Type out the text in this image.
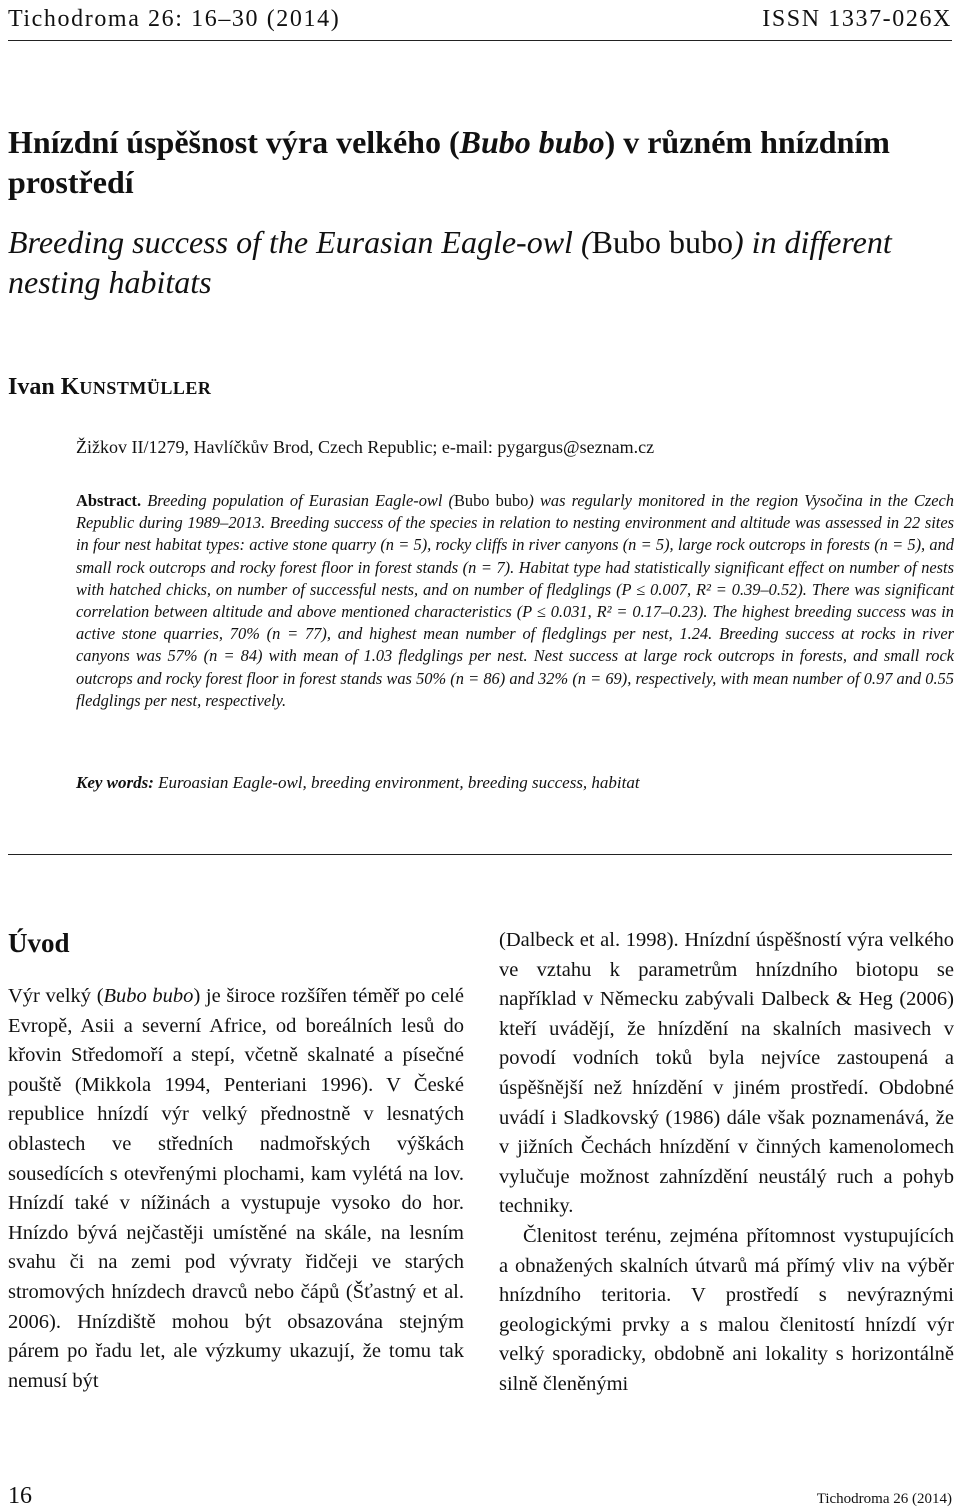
Tichodroma 26: 16–30 (2014)	ISSN 1337-026X
Hnízdní úspěšnost výra velkého (Bubo bubo) v různém hnízdním prostředí
Breeding success of the Eurasian Eagle-owl (Bubo bubo) in different nesting habitats
Ivan KUNSTMÜLLER
Žižkov II/1279, Havlíčkův Brod, Czech Republic; e-mail: pygargus@seznam.cz
Abstract. Breeding population of Eurasian Eagle-owl (Bubo bubo) was regularly monitored in the region Vysočina in the Czech Republic during 1989–2013. Breeding success of the species in relation to nesting environment and altitude was assessed in 22 sites in four nest habitat types: active stone quarry (n = 5), rocky cliffs in river canyons (n = 5), large rock outcrops in forests (n = 5), and small rock outcrops and rocky forest floor in forest stands (n = 7). Habitat type had statistically significant effect on number of nests with hatched chicks, on number of successful nests, and on number of fledglings (P ≤ 0.007, R² = 0.39–0.52). There was significant correlation between altitude and above mentioned characteristics (P ≤ 0.031, R² = 0.17–0.23). The highest breeding success was in active stone quarries, 70% (n = 77), and highest mean number of fledglings per nest, 1.24. Breeding success at rocks in river canyons was 57% (n = 84) with mean of 1.03 fledglings per nest. Nest success at large rock outcrops in forests, and small rock outcrops and rocky forest floor in forest stands was 50% (n = 86) and 32% (n = 69), respectively, with mean number of 0.97 and 0.55 fledglings per nest, respectively.
Key words: Euroasian Eagle-owl, breeding environment, breeding success, habitat
Úvod

Výr velký (Bubo bubo) je široce rozšířen téměř po celé Evropě, Asii a severní Africe, od boreálních lesů do křovin Středomoří a stepí, včetně skalnaté a písečné pouště (Mikkola 1994, Penteriani 1996). V České republice hnízdí výr velký přednostně v lesnatých oblastech ve středních nadmořských výškách sousedících s otevřenými plochami, kam vylétá na lov. Hnízdí také v nížinách a vystupuje vysoko do hor. Hnízdo bývá nejčastěji umístěné na skále, na lesním svahu či na zemi pod vývraty řidčeji ve starých stromových hnízdech dravců nebo čápů (Šťastný et al. 2006). Hnízdiště mohou být obsazována stejným párem po řadu let, ale výzkumy ukazují, že tomu tak nemusí být

(Dalbeck et al. 1998). Hnízdní úspěšností výra velkého ve vztahu k parametrům hnízdního biotopu se například v Německu zabývali Dalbeck & Heg (2006) kteří uvádějí, že hnízdění na skalních masivech v povodí vodních toků byla nejvíce zastoupená a úspěšnější než hnízdění v jiném prostředí. Obdobné uvádí i Sladkovský (1986) dále však poznamenává, že v jižních Čechách hnízdění v činných kamenolomech vylučuje možnost zahnízdění neustálý ruch a pohyb techniky.

Členitost terénu, zejména přítomnost vystupujících a obnažených skalních útvarů má přímý vliv na výběr hnízdního teritoria. V prostředí s nevýraznými geologickými prvky a s malou členitostí hnízdí výr velký sporadicky, obdobně ani lokality s horizontálně silně členěnými

16	Tichodroma 26 (2014)
